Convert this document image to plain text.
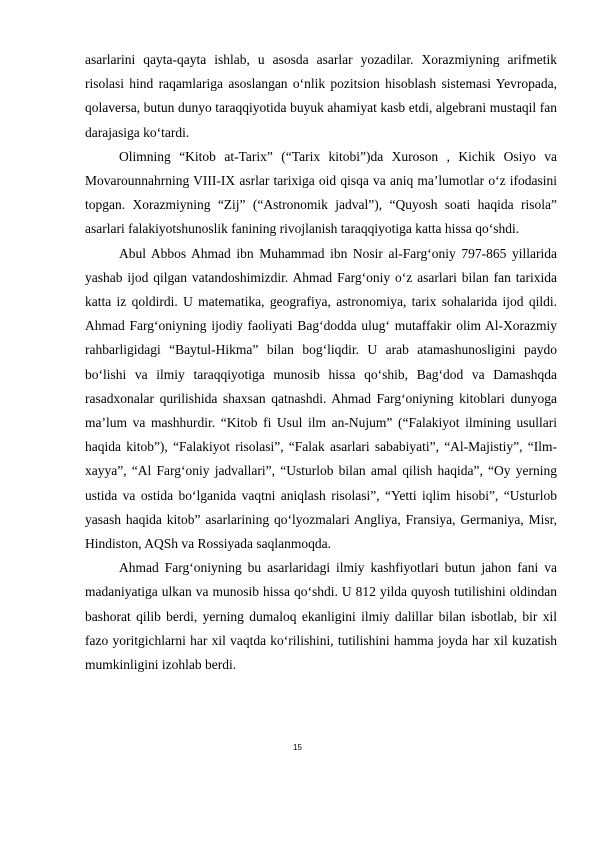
asarlarini qayta-qayta ishlab, u asosda asarlar yozadilar. Xorazmiyning arifmetik risolasi hind raqamlariga asoslangan o‘nlik pozitsion hisoblash sistemasi Yevropada, qolaversa, butun dunyo taraqqiyotida buyuk ahamiyat kasb etdi, algebrani mustaqil fan darajasiga ko‘tardi.

Olimning “Kitob at-Tarix” (“Tarix kitobi”)da Xuroson , Kichik Osiyo va Movarounnahrning VIII-IX asrlar tarixiga oid qisqa va aniq ma’lumotlar o‘z ifodasini topgan. Xorazmiyning “Zij” (“Astronomik jadval”), “Quyosh soati haqida risola” asarlari falakiyotshunoslik fanining rivojlanish taraqqiyotiga katta hissa qo‘shdi.

Abul Abbos Ahmad ibn Muhammad ibn Nosir al-Farg‘oniy 797-865 yillarida yashab ijod qilgan vatandoshimizdir. Ahmad Farg‘oniy o‘z asarlari bilan fan tarixida katta iz qoldirdi. U matematika, geografiya, astronomiya, tarix sohalarida ijod qildi. Ahmad Farg‘oniyning ijodiy faoliyati Bag‘dodda ulug‘ mutaffakir olim Al-Xorazmiy rahbarligidagi “Baytul-Hikma” bilan bog‘liqdir. U arab atamashunosligini paydo bo‘lishi va ilmiy taraqqiyotiga munosib hissa qo‘shib, Bag‘dod va Damashqda rasadxonalar qurilishida shaxsan qatnashdi. Ahmad Farg‘oniyning kitoblari dunyoga ma’lum va mashhurdir. “Kitob fi Usul ilm an-Nujum” (“Falakiyot ilmining usullari haqida kitob”), “Falakiyot risolasi”, “Falak asarlari sababiyati”, “Al-Majistiy”, “Ilm-xayya”, “Al Farg‘oniy jadvallari”, “Usturlob bilan amal qilish haqida”, “Oy yerning ustida va ostida bo‘lganida vaqtni aniqlash risolasi”, “Yetti iqlim hisobi”, “Usturlob yasash haqida kitob” asarlarining qo‘lyozmalari Angliya, Fransiya, Germaniya, Misr, Hindiston, AQSh va Rossiyada saqlanmoqda.

Ahmad Farg‘oniyning bu asarlaridagi ilmiy kashfiyotlari butun jahon fani va madaniyatiga ulkan va munosib hissa qo‘shdi. U 812 yilda quyosh tutilishini oldindan bashorat qilib berdi, yerning dumaloq ekanligini ilmiy dalillar bilan isbotlab, bir xil fazo yoritgichlarni har xil vaqtda ko‘rilishini, tutilishini hamma joyda har xil kuzatish mumkinligini izohlab berdi.

15
